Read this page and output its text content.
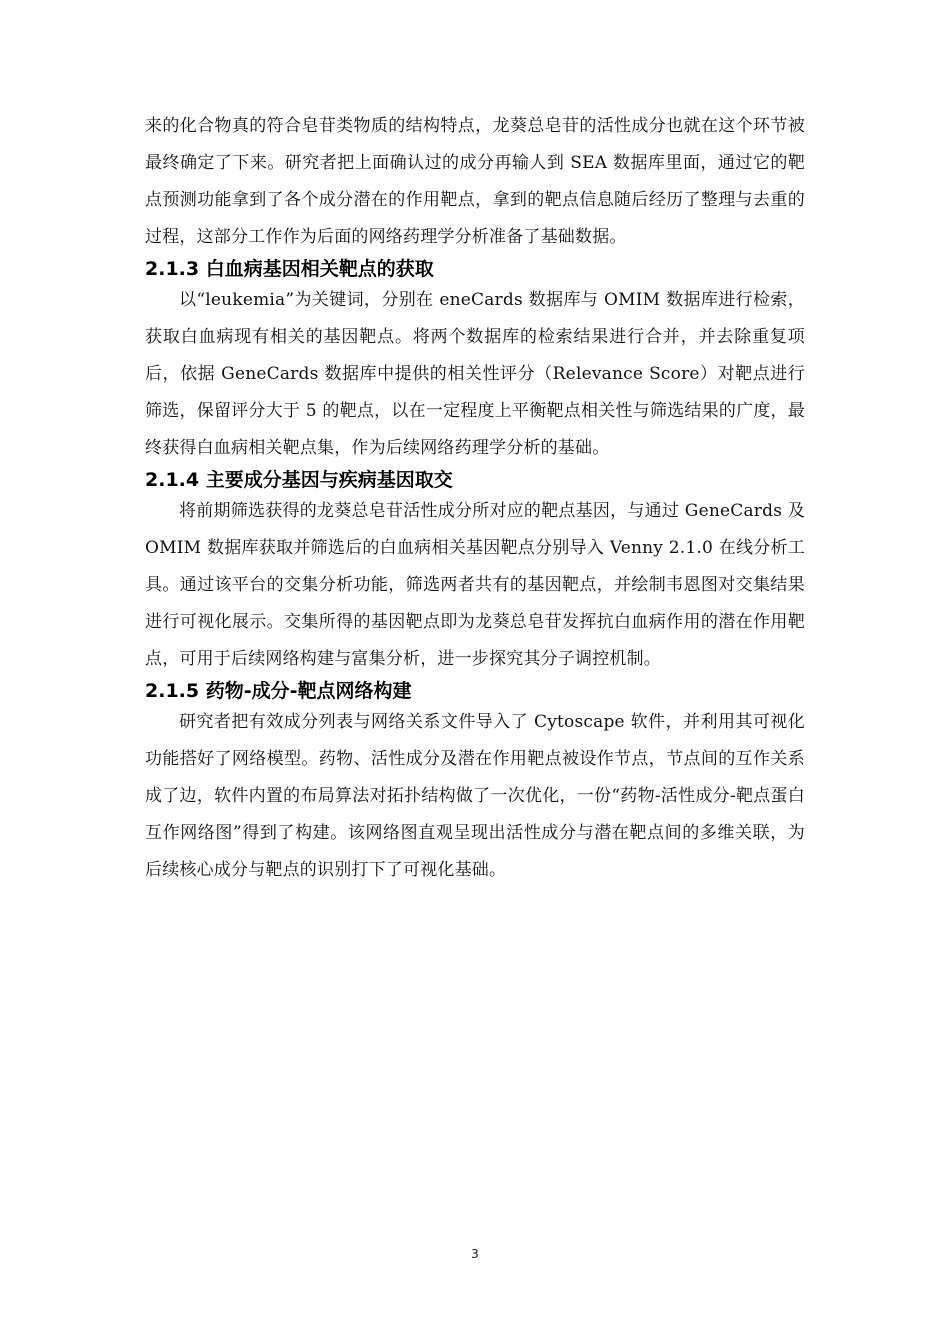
来的化合物真的符合皂苷类物质的结构特点，龙葵总皂苷的活性成分也就在这个环节被最终确定了下来。研究者把上面确认过的成分再输人到 SEA 数据库里面，通过它的靶点预测功能拿到了各个成分潜在的作用靶点，拿到的靶点信息随后经历了整理与去重的过程，这部分工作作为后面的网络药理学分析准备了基础数据。

2.1.3 白血病基因相关靶点的获取

以“leukemia”为关键词，分别在 eneCards 数据库与 OMIM 数据库进行检索，获取白血病现有相关的基因靶点。将两个数据库的检索结果进行合并，并去除重复项后，依据 GeneCards 数据库中提供的相关性评分（Relevance Score）对靶点进行筛选，保留评分大于 5 的靶点，以在一定程度上平衡靶点相关性与筛选结果的广度，最终获得白血病相关靶点集，作为后续网络药理学分析的基础。

2.1.4 主要成分基因与疾病基因取交

将前期筛选获得的龙葵总皂苷活性成分所对应的靶点基因，与通过 GeneCards 及 OMIM 数据库获取并筛选后的白血病相关基因靶点分别导入 Venny 2.1.0 在线分析工具。通过该平台的交集分析功能，筛选两者共有的基因靶点，并绘制韦恩图对交集结果进行可视化展示。交集所得的基因靶点即为龙葵总皂苷发挥抗白血病作用的潜在作用靶点，可用于后续网络构建与富集分析，进一步探究其分子调控机制。

2.1.5 药物-成分-靶点网络构建

研究者把有效成分列表与网络关系文件导入了 Cytoscape 软件，并利用其可视化功能搭好了网络模型。药物、活性成分及潜在作用靶点被设作节点，节点间的互作关系成了边，软件内置的布局算法对拓扑结构做了一次优化，一份“药物-活性成分-靶点蛋白互作网络图”得到了构建。该网络图直观呈现出活性成分与潜在靶点间的多维关联，为后续核心成分与靶点的识别打下了可视化基础。

3
